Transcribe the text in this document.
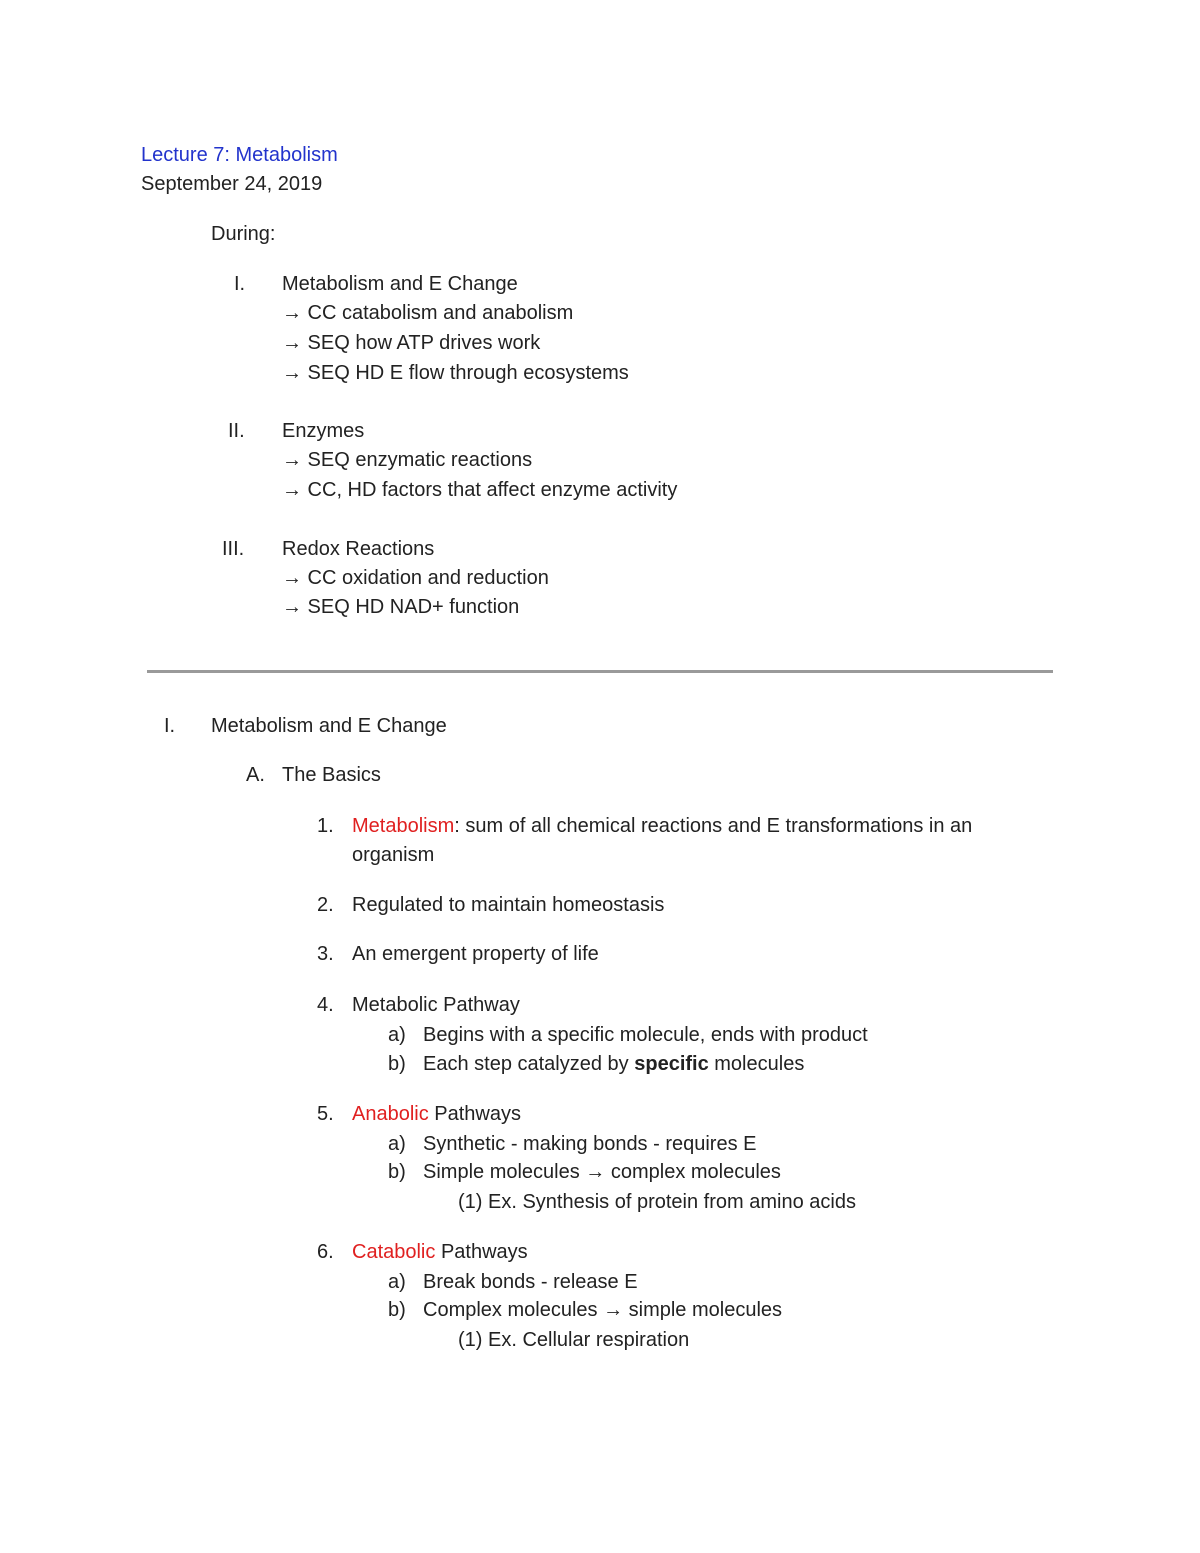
Lecture 7: Metabolism
September 24, 2019
During:
I. Metabolism and E Change
→ CC catabolism and anabolism
→ SEQ how ATP drives work
→ SEQ HD E flow through ecosystems
II. Enzymes
→ SEQ enzymatic reactions
→ CC, HD factors that affect enzyme activity
III. Redox Reactions
→ CC oxidation and reduction
→ SEQ HD NAD+ function
I. Metabolism and E Change
A. The Basics
1. Metabolism: sum of all chemical reactions and E transformations in an
organism
2. Regulated to maintain homeostasis
3. An emergent property of life
4. Metabolic Pathway
a) Begins with a specific molecule, ends with product
b) Each step catalyzed by specific molecules
5. Anabolic Pathways
a) Synthetic - making bonds - requires E
b) Simple molecules → complex molecules
(1) Ex. Synthesis of protein from amino acids
6. Catabolic Pathways
a) Break bonds - release E
b) Complex molecules → simple molecules
(1) Ex. Cellular respiration
